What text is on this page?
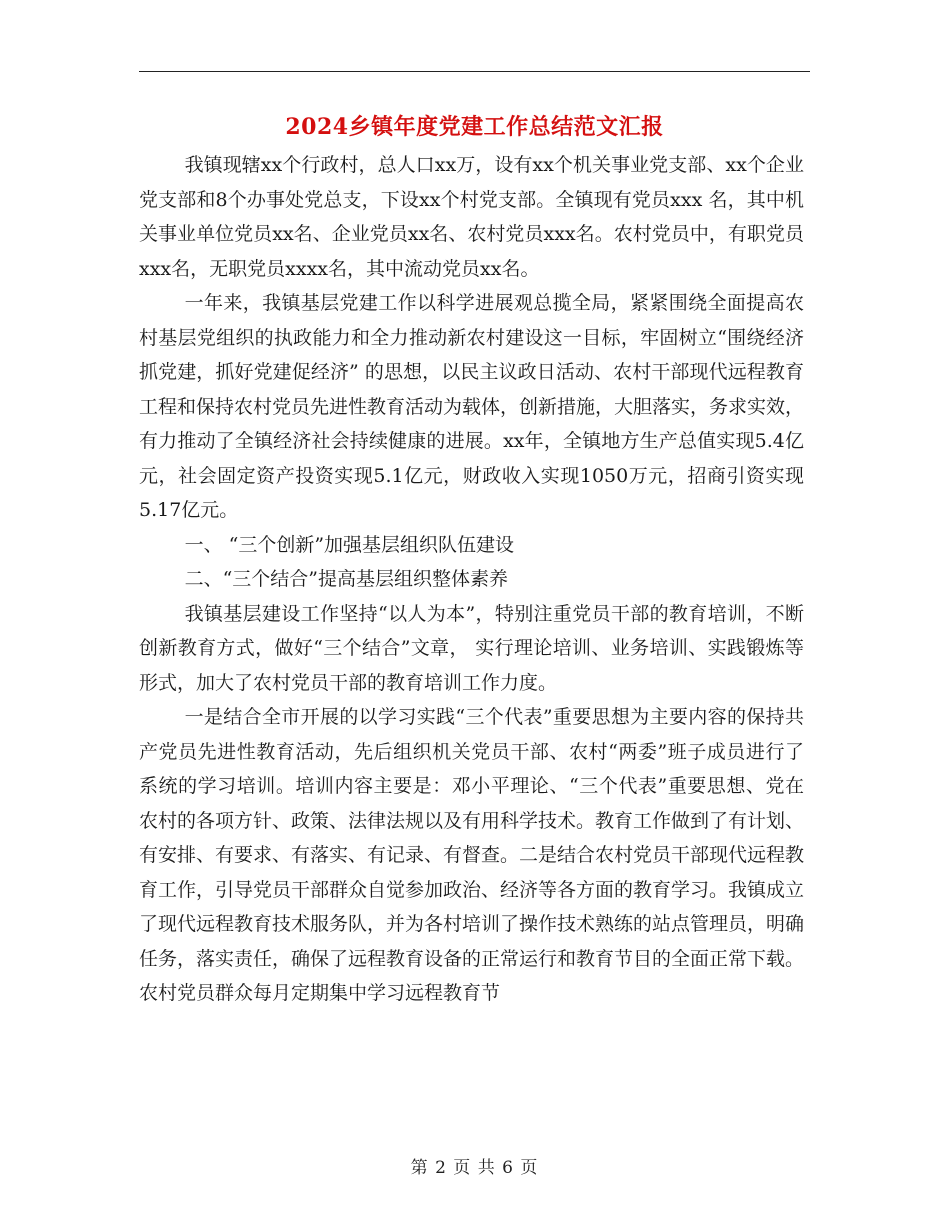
2024乡镇年度党建工作总结范文汇报

我镇现辖xx个行政村，总人口xx万，设有xx个机关事业党支部、xx个企业党支部和8个办事处党总支，下设xx个村党支部。全镇现有党员xxx 名，其中机关事业单位党员xx名、企业党员xx名、农村党员xxx名。农村党员中，有职党员xxx名，无职党员xxxx名，其中流动党员xx名。

一年来，我镇基层党建工作以科学进展观总揽全局，紧紧围绕全面提高农村基层党组织的执政能力和全力推动新农村建设这一目标，牢固树立“围绕经济抓党建，抓好党建促经济” 的思想，以民主议政日活动、农村干部现代远程教育工程和保持农村党员先进性教育活动为载体，创新措施，大胆落实，务求实效，有力推动了全镇经济社会持续健康的进展。xx年，全镇地方生产总值实现5.4亿元，社会固定资产投资实现5.1亿元，财政收入实现1050万元，招商引资实现5.17亿元。

一、 “三个创新”加强基层组织队伍建设

二、“三个结合”提高基层组织整体素养

我镇基层建设工作坚持“以人为本”，特别注重党员干部的教育培训，不断创新教育方式，做好“三个结合”文章， 实行理论培训、业务培训、实践锻炼等形式，加大了农村党员干部的教育培训工作力度。

一是结合全市开展的以学习实践“三个代表”重要思想为主要内容的保持共产党员先进性教育活动，先后组织机关党员干部、农村“两委”班子成员进行了系统的学习培训。培训内容主要是：邓小平理论、“三个代表”重要思想、党在农村的各项方针、政策、法律法规以及有用科学技术。教育工作做到了有计划、有安排、有要求、有落实、有记录、有督查。二是结合农村党员干部现代远程教育工作，引导党员干部群众自觉参加政治、经济等各方面的教育学习。我镇成立了现代远程教育技术服务队，并为各村培训了操作技术熟练的站点管理员，明确任务，落实责任，确保了远程教育设备的正常运行和教育节目的全面正常下载。农村党员群众每月定期集中学习远程教育节

第 2 页 共 6 页
